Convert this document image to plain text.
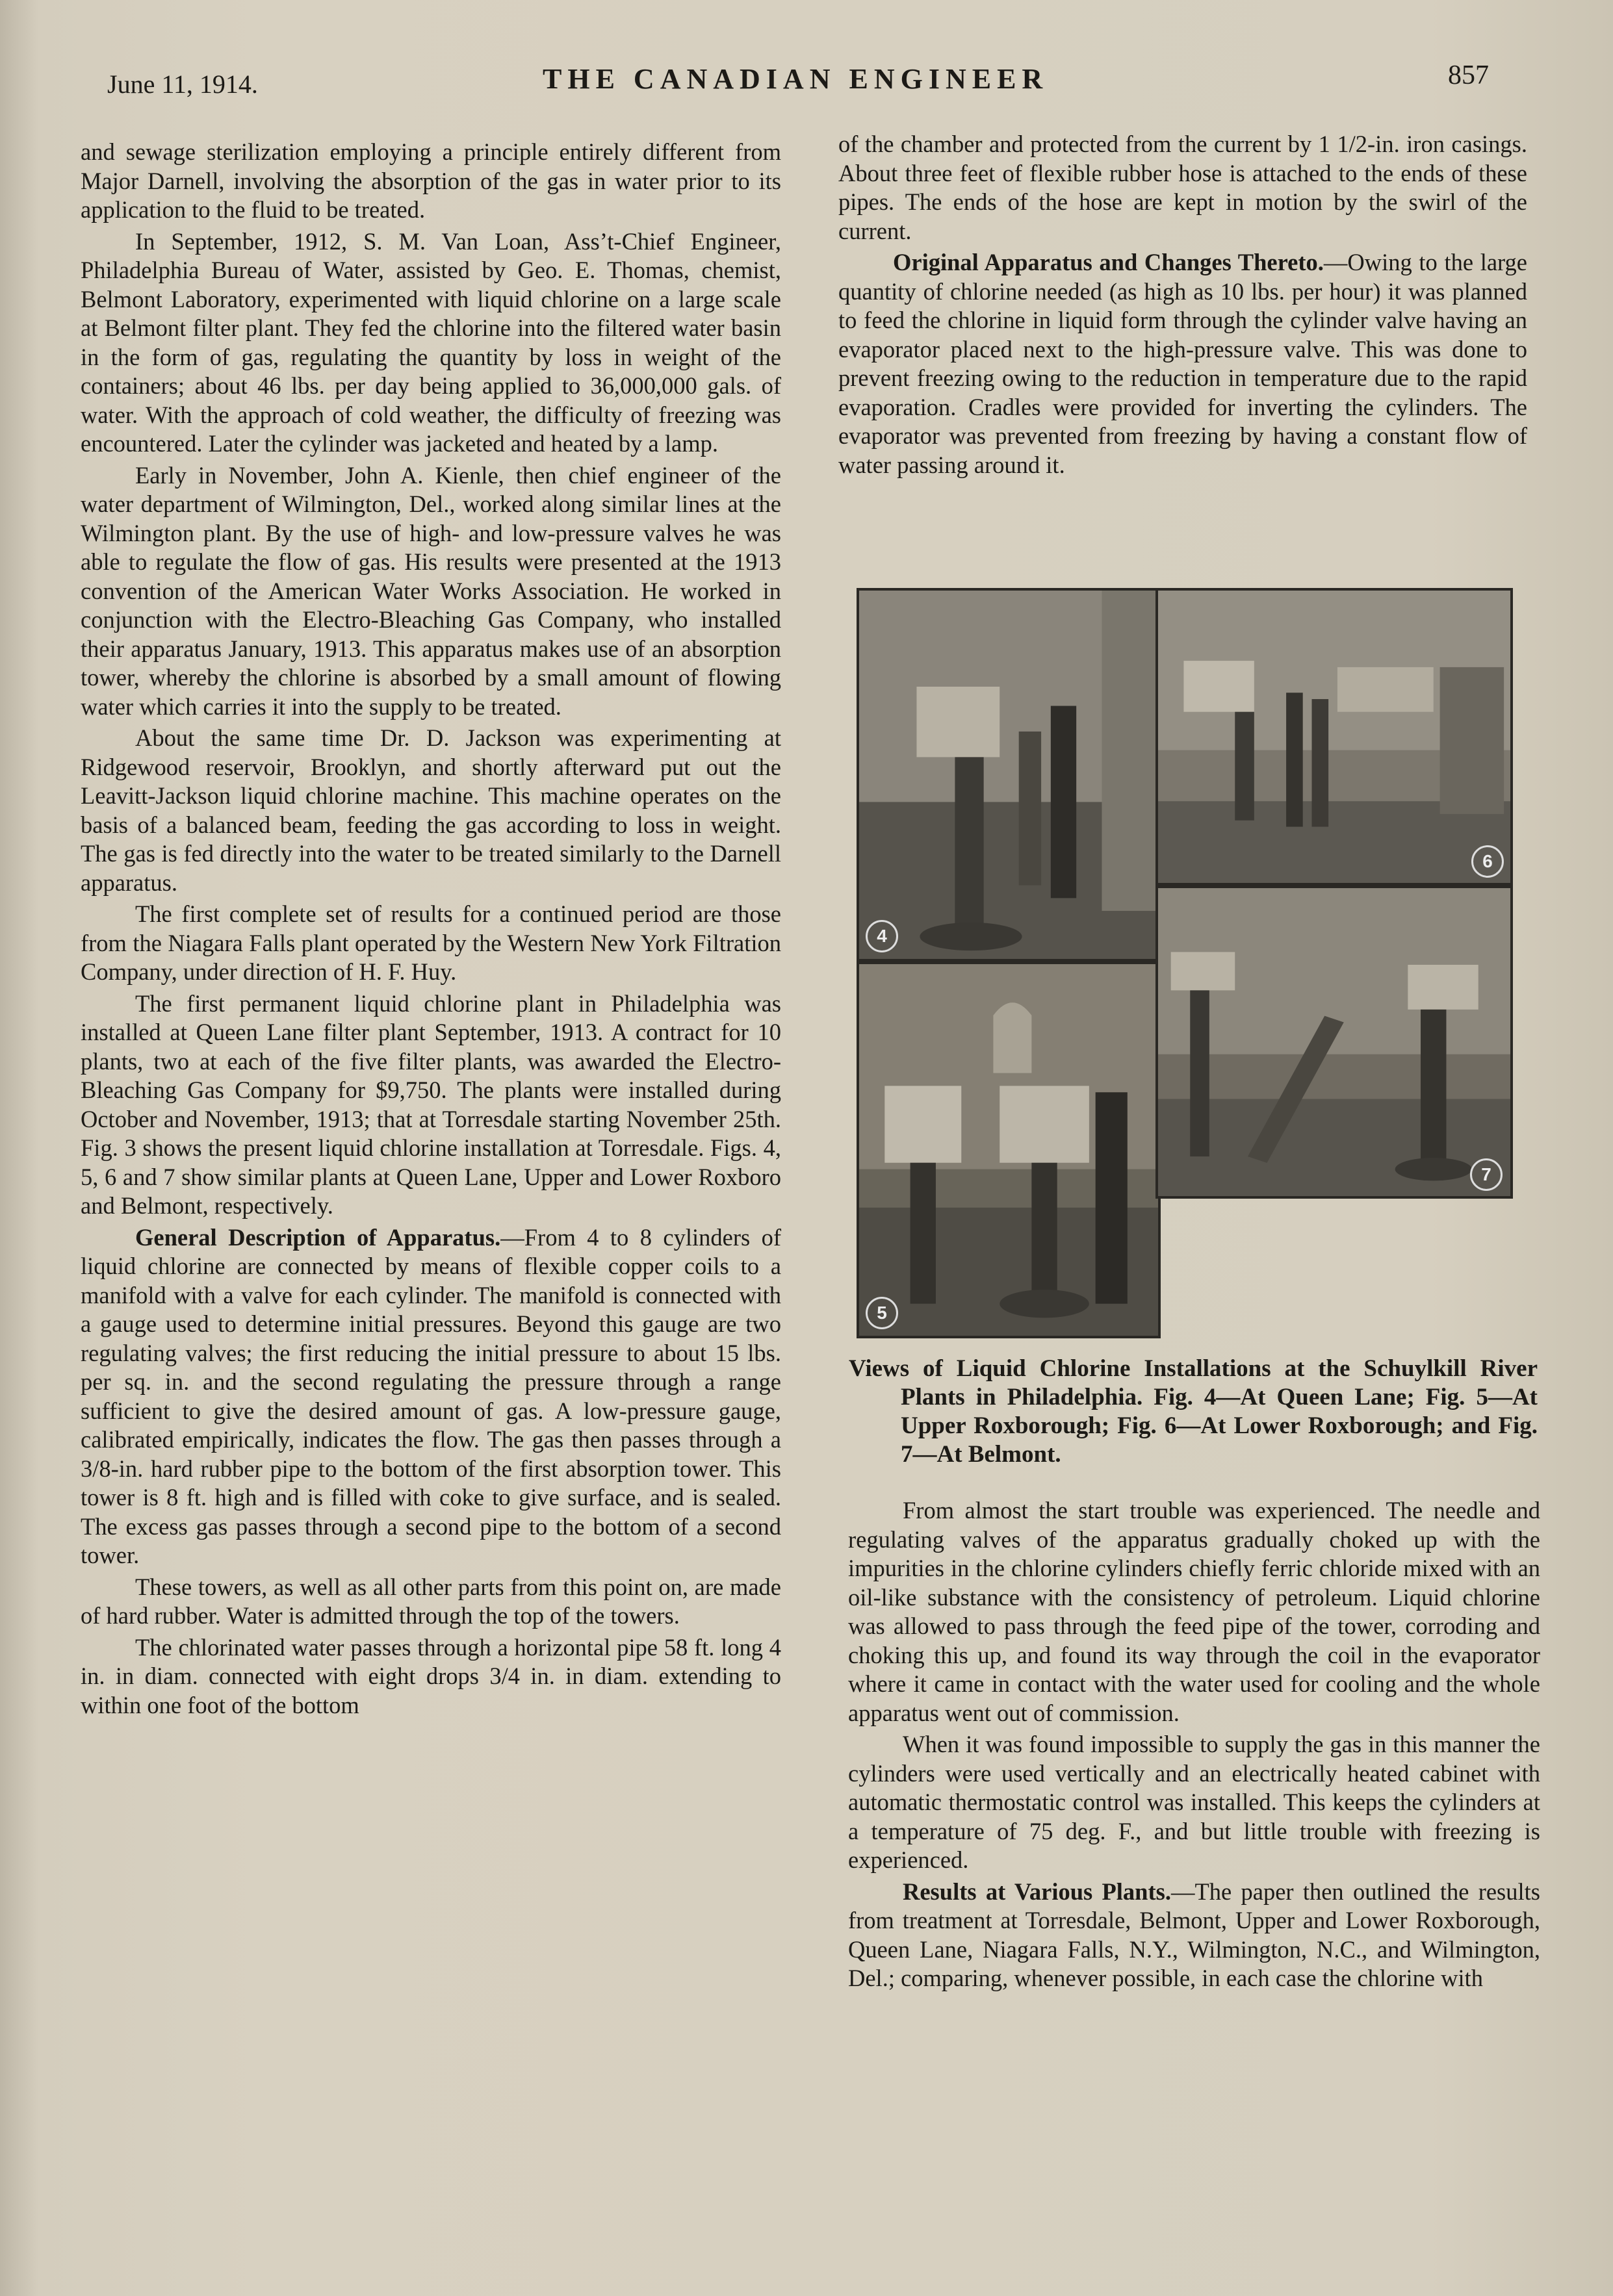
June 11, 1914.	THE CANADIAN ENGINEER	857

and sewage sterilization employing a principle entirely different from Major Darnell, involving the absorption of the gas in water prior to its application to the fluid to be treated.

In September, 1912, S. M. Van Loan, Ass’t-Chief Engineer, Philadelphia Bureau of Water, assisted by Geo. E. Thomas, chemist, Belmont Laboratory, experimented with liquid chlorine on a large scale at Belmont filter plant. They fed the chlorine into the filtered water basin in the form of gas, regulating the quantity by loss in weight of the containers; about 46 lbs. per day being applied to 36,000,000 gals. of water. With the approach of cold weather, the difficulty of freezing was encountered. Later the cylinder was jacketed and heated by a lamp.

Early in November, John A. Kienle, then chief engineer of the water department of Wilmington, Del., worked along similar lines at the Wilmington plant. By the use of high- and low-pressure valves he was able to regulate the flow of gas. His results were presented at the 1913 convention of the American Water Works Association. He worked in conjunction with the Electro-Bleaching Gas Company, who installed their apparatus January, 1913. This apparatus makes use of an absorption tower, whereby the chlorine is absorbed by a small amount of flowing water which carries it into the supply to be treated.

About the same time Dr. D. Jackson was experimenting at Ridgewood reservoir, Brooklyn, and shortly afterward put out the Leavitt-Jackson liquid chlorine machine. This machine operates on the basis of a balanced beam, feeding the gas according to loss in weight. The gas is fed directly into the water to be treated similarly to the Darnell apparatus.

The first complete set of results for a continued period are those from the Niagara Falls plant operated by the Western New York Filtration Company, under direction of H. F. Huy.

The first permanent liquid chlorine plant in Philadelphia was installed at Queen Lane filter plant September, 1913. A contract for 10 plants, two at each of the five filter plants, was awarded the Electro-Bleaching Gas Company for $9,750. The plants were installed during October and November, 1913; that at Torresdale starting November 25th. Fig. 3 shows the present liquid chlorine installation at Torresdale. Figs. 4, 5, 6 and 7 show similar plants at Queen Lane, Upper and Lower Roxboro and Belmont, respectively.

General Description of Apparatus.—From 4 to 8 cylinders of liquid chlorine are connected by means of flexible copper coils to a manifold with a valve for each cylinder. The manifold is connected with a gauge used to determine initial pressures. Beyond this gauge are two regulating valves; the first reducing the initial pressure to about 15 lbs. per sq. in. and the second regulating the pressure through a range sufficient to give the desired amount of gas. A low-pressure gauge, calibrated empirically, indicates the flow. The gas then passes through a 3/8-in. hard rubber pipe to the bottom of the first absorption tower. This tower is 8 ft. high and is filled with coke to give surface, and is sealed. The excess gas passes through a second pipe to the bottom of a second tower.

These towers, as well as all other parts from this point on, are made of hard rubber. Water is admitted through the top of the towers.

The chlorinated water passes through a horizontal pipe 58 ft. long 4 in. in diam. connected with eight drops 3/4 in. in diam. extending to within one foot of the bottom

of the chamber and protected from the current by 1 1/2-in. iron casings. About three feet of flexible rubber hose is attached to the ends of these pipes. The ends of the hose are kept in motion by the swirl of the current.

Original Apparatus and Changes Thereto.—Owing to the large quantity of chlorine needed (as high as 10 lbs. per hour) it was planned to feed the chlorine in liquid form through the cylinder valve having an evaporator placed next to the high-pressure valve. This was done to prevent freezing owing to the reduction in temperature due to the rapid evaporation. Cradles were provided for inverting the cylinders. The evaporator was prevented from freezing by having a constant flow of water passing around it.

4
6
5
7
Views of Liquid Chlorine Installations at the Schuylkill River Plants in Philadelphia. Fig. 4—At Queen Lane; Fig. 5—At Upper Roxborough; Fig. 6—At Lower Roxborough; and Fig. 7—At Belmont.

From almost the start trouble was experienced. The needle and regulating valves of the apparatus gradually choked up with the impurities in the chlorine cylinders chiefly ferric chloride mixed with an oil-like substance with the consistency of petroleum. Liquid chlorine was allowed to pass through the feed pipe of the tower, corroding and choking this up, and found its way through the coil in the evaporator where it came in contact with the water used for cooling and the whole apparatus went out of commission.

When it was found impossible to supply the gas in this manner the cylinders were used vertically and an electrically heated cabinet with automatic thermostatic control was installed. This keeps the cylinders at a temperature of 75 deg. F., and but little trouble with freezing is experienced.

Results at Various Plants.—The paper then outlined the results from treatment at Torresdale, Belmont, Upper and Lower Roxborough, Queen Lane, Niagara Falls, N.Y., Wilmington, N.C., and Wilmington, Del.; comparing, whenever possible, in each case the chlorine with
